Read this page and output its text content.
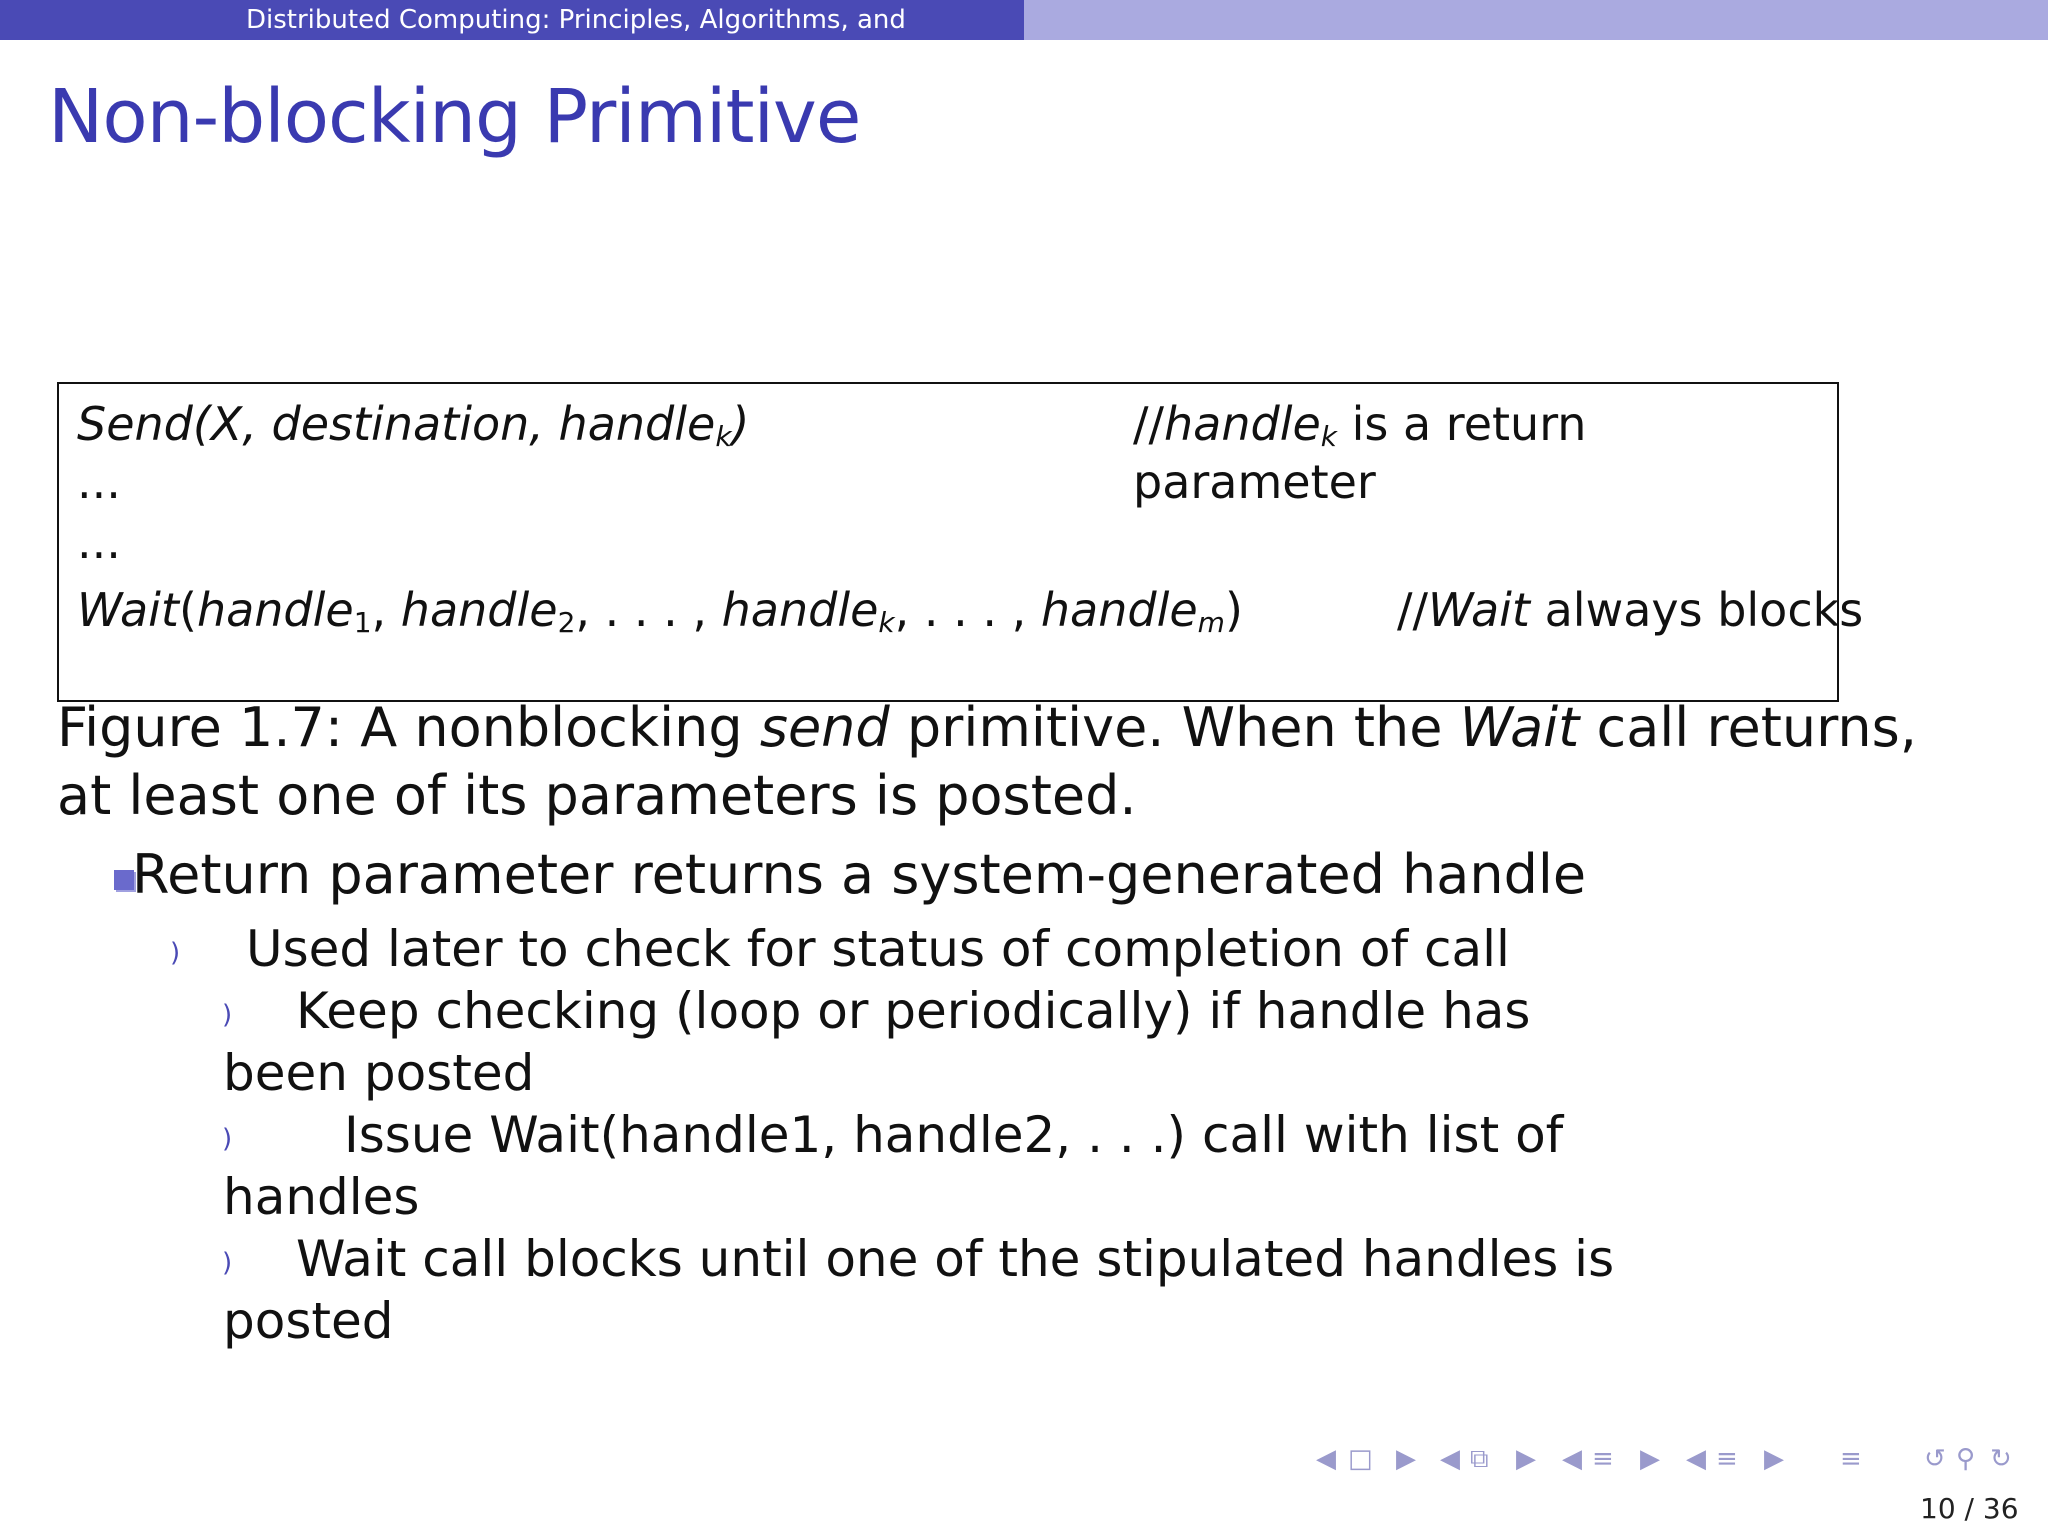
Distributed Computing: Principles, Algorithms, and
Non-blocking Primitive
Send(X, destination, handle$_k$)
...
...
Wait(handle$_1$, handle$_2$, . . . , handle$_k$, . . . , handle$_m$)
//handle$_k$ is a return
parameter
//Wait always blocks
Figure 1.7: A nonblocking send primitive. When the Wait call returns, at least one of its parameters is posted.
Return parameter returns a system-generated handle
) Used later to check for status of completion of call
) Keep checking (loop or periodically) if handle has
been posted
) Issue Wait(handle1, handle2, . . .) call with list of
handles
) Wait call blocks until one of the stipulated handles is
posted
◀ □ ▶ ◀ ⧉ ▶ ◀ ≡ ▶ ◀ ≡ ▶ ≡ ↺ ⚲ ↻
10 / 36
